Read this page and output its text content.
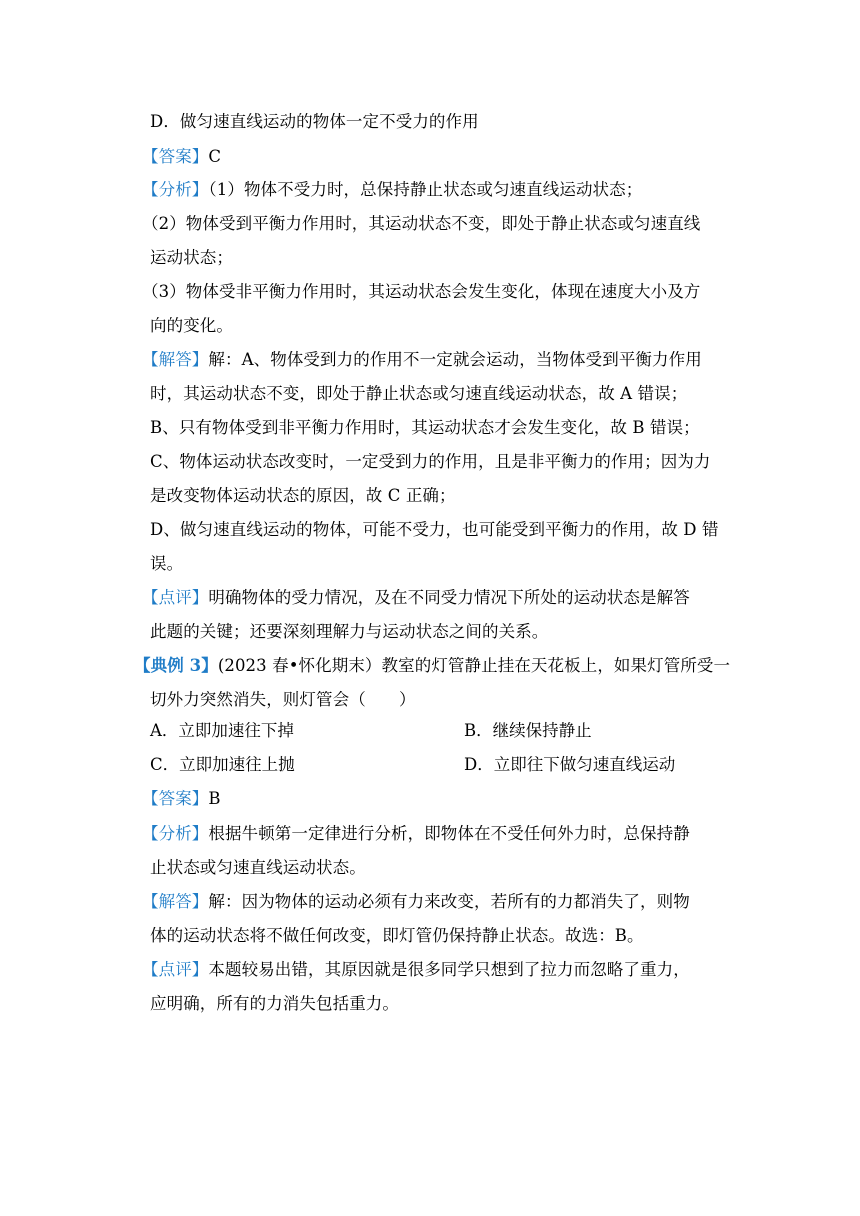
D．做匀速直线运动的物体一定不受力的作用
【答案】C
【分析】（1）物体不受力时，总保持静止状态或匀速直线运动状态；
（2）物体受到平衡力作用时，其运动状态不变，即处于静止状态或匀速直线
运动状态；
（3）物体受非平衡力作用时，其运动状态会发生变化，体现在速度大小及方
向的变化。
【解答】解：A、物体受到力的作用不一定就会运动，当物体受到平衡力作用
时，其运动状态不变，即处于静止状态或匀速直线运动状态，故 A 错误；
B、只有物体受到非平衡力作用时，其运动状态才会发生变化，故 B 错误；
C、物体运动状态改变时，一定受到力的作用，且是非平衡力的作用；因为力
是改变物体运动状态的原因，故 C 正确；
D、做匀速直线运动的物体，可能不受力，也可能受到平衡力的作用，故 D 错
误。
【点评】明确物体的受力情况，及在不同受力情况下所处的运动状态是解答
此题的关键；还要深刻理解力与运动状态之间的关系。
【典例 3】(2023 春•怀化期末）教室的灯管静止挂在天花板上，如果灯管所受一
切外力突然消失，则灯管会（　　）
A．立即加速往下掉	B．继续保持静止
C．立即加速往上抛	D．立即往下做匀速直线运动
【答案】B
【分析】根据牛顿第一定律进行分析，即物体在不受任何外力时，总保持静
止状态或匀速直线运动状态。
【解答】解：因为物体的运动必须有力来改变，若所有的力都消失了，则物
体的运动状态将不做任何改变，即灯管仍保持静止状态。故选：B。
【点评】本题较易出错，其原因就是很多同学只想到了拉力而忽略了重力，
应明确，所有的力消失包括重力。
